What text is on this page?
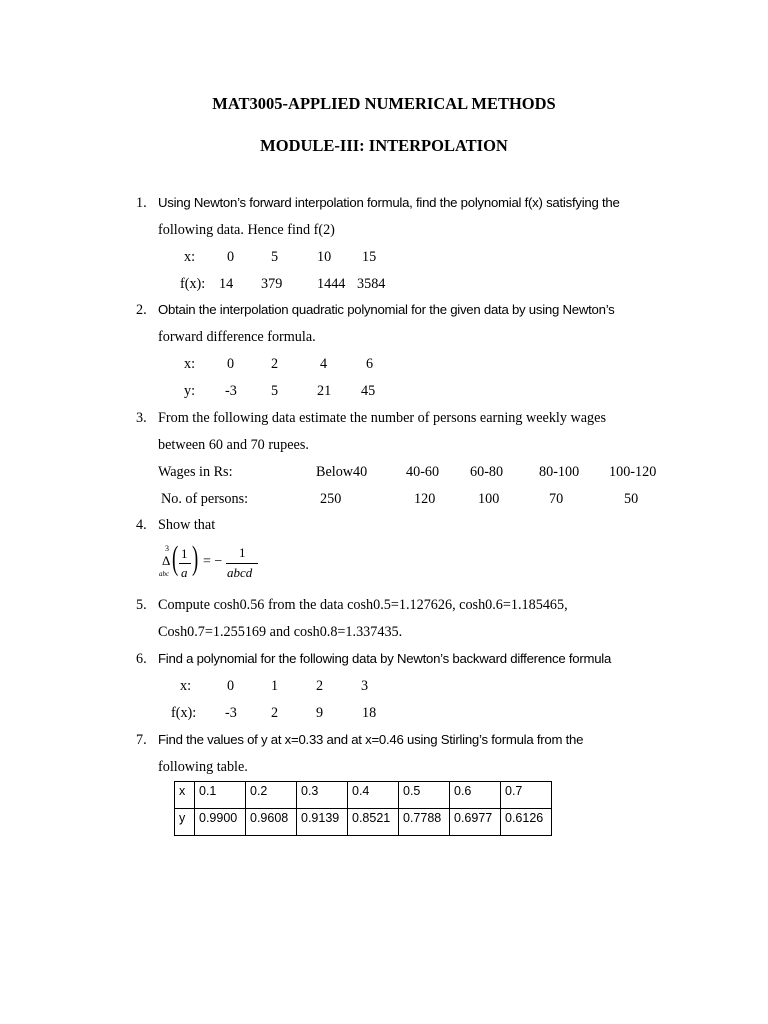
MAT3005-APPLIED NUMERICAL METHODS
MODULE-III: INTERPOLATION
1. Using Newton’s forward interpolation formula, find the polynomial f(x) satisfying the
following data. Hence find f(2)
x: 0	5	10 15
f(x): 14 379 1444 3584
2. Obtain the interpolation quadratic polynomial for the given data by using Newton’s
forward difference formula.
x: 0	2	4	6
y: -3 5	21 45
3. From the following data estimate the number of persons earning weekly wages
between 60 and 70 rupees.
Wages in Rs:	Below40	40-60 60-80	80-100 100-120
No. of persons:	250	120	100	70	50
4. Show that
3
Δ
abc ( 1
a ) = −
1
abcd
5. Compute cosh0.56 from the data cosh0.5=1.127626, cosh0.6=1.185465,
Cosh0.7=1.255169 and cosh0.8=1.337435.
6. Find a polynomial for the following data by Newton’s backward difference formula
x:	0	1	2	3
f(x): -3 2	9	18
7. Find the values of y at x=0.33 and at x=0.46 using Stirling’s formula from the
following table.
x	0.1	0.2	0.3	0.4	0.5	0.6	0.7
y	0.9900	0.9608	0.9139	0.8521	0.7788	0.6977	0.6126
